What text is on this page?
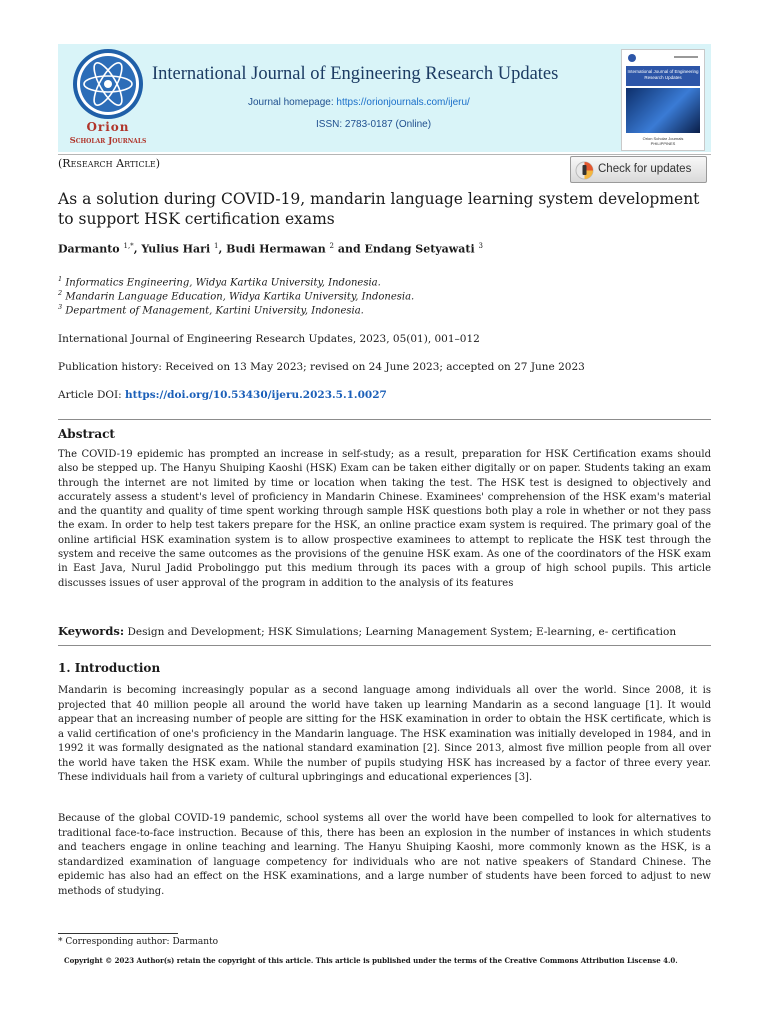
Orion
Scholar Journals
International Journal of Engineering Research Updates
Journal homepage: https://orionjournals.com/ijeru/
ISSN: 2783-0187 (Online)
International Journal of Engineering Research Updates
Orion Scholar Journals
PHILIPPINES
(Research Article)	Check for updates
As a solution during COVID-19, mandarin language learning system development to support HSK certification exams
Darmanto $^{1,*}$, Yulius Hari $^1$, Budi Hermawan $^2$ and Endang Setyawati $^3$
$^1$ Informatics Engineering, Widya Kartika University, Indonesia.
$^2$ Mandarin Language Education, Widya Kartika University, Indonesia.
$^3$ Department of Management, Kartini University, Indonesia.
International Journal of Engineering Research Updates, 2023, 05(01), 001–012
Publication history: Received on 13 May 2023; revised on 24 June 2023; accepted on 27 June 2023
Article DOI: https://doi.org/10.53430/ijeru.2023.5.1.0027
Abstract
The COVID-19 epidemic has prompted an increase in self-study; as a result, preparation for HSK Certification exams should also be stepped up. The Hanyu Shuiping Kaoshi (HSK) Exam can be taken either digitally or on paper. Students taking an exam through the internet are not limited by time or location when taking the test. The HSK test is designed to objectively and accurately assess a student's level of proficiency in Mandarin Chinese. Examinees' comprehension of the HSK exam's material and the quantity and quality of time spent working through sample HSK questions both play a role in whether or not they pass the exam. In order to help test takers prepare for the HSK, an online practice exam system is required. The primary goal of the online artificial HSK examination system is to allow prospective examinees to attempt to replicate the HSK test through the system and receive the same outcomes as the provisions of the genuine HSK exam. As one of the coordinators of the HSK exam in East Java, Nurul Jadid Probolinggo put this medium through its paces with a group of high school pupils. This article discusses issues of user approval of the program in addition to the analysis of its features
Keywords: Design and Development; HSK Simulations; Learning Management System; E-learning, e- certification
1. Introduction
Mandarin is becoming increasingly popular as a second language among individuals all over the world. Since 2008, it is projected that 40 million people all around the world have taken up learning Mandarin as a second language [1]. It would appear that an increasing number of people are sitting for the HSK examination in order to obtain the HSK certificate, which is a valid certification of one's proficiency in the Mandarin language. The HSK examination was initially developed in 1984, and in 1992 it was formally designated as the national standard examination [2]. Since 2013, almost five million people from all over the world have taken the HSK exam. While the number of pupils studying HSK has increased by a factor of three every year. These individuals hail from a variety of cultural upbringings and educational experiences [3].
Because of the global COVID-19 pandemic, school systems all over the world have been compelled to look for alternatives to traditional face-to-face instruction. Because of this, there has been an explosion in the number of instances in which students and teachers engage in online teaching and learning. The Hanyu Shuiping Kaoshi, more commonly known as the HSK, is a standardized examination of language competency for individuals who are not native speakers of Standard Chinese. The epidemic has also had an effect on the HSK examinations, and a large number of students have been forced to adjust to new methods of studying.
* Corresponding author: Darmanto
Copyright © 2023 Author(s) retain the copyright of this article. This article is published under the terms of the Creative Commons Attribution Liscense 4.0.
